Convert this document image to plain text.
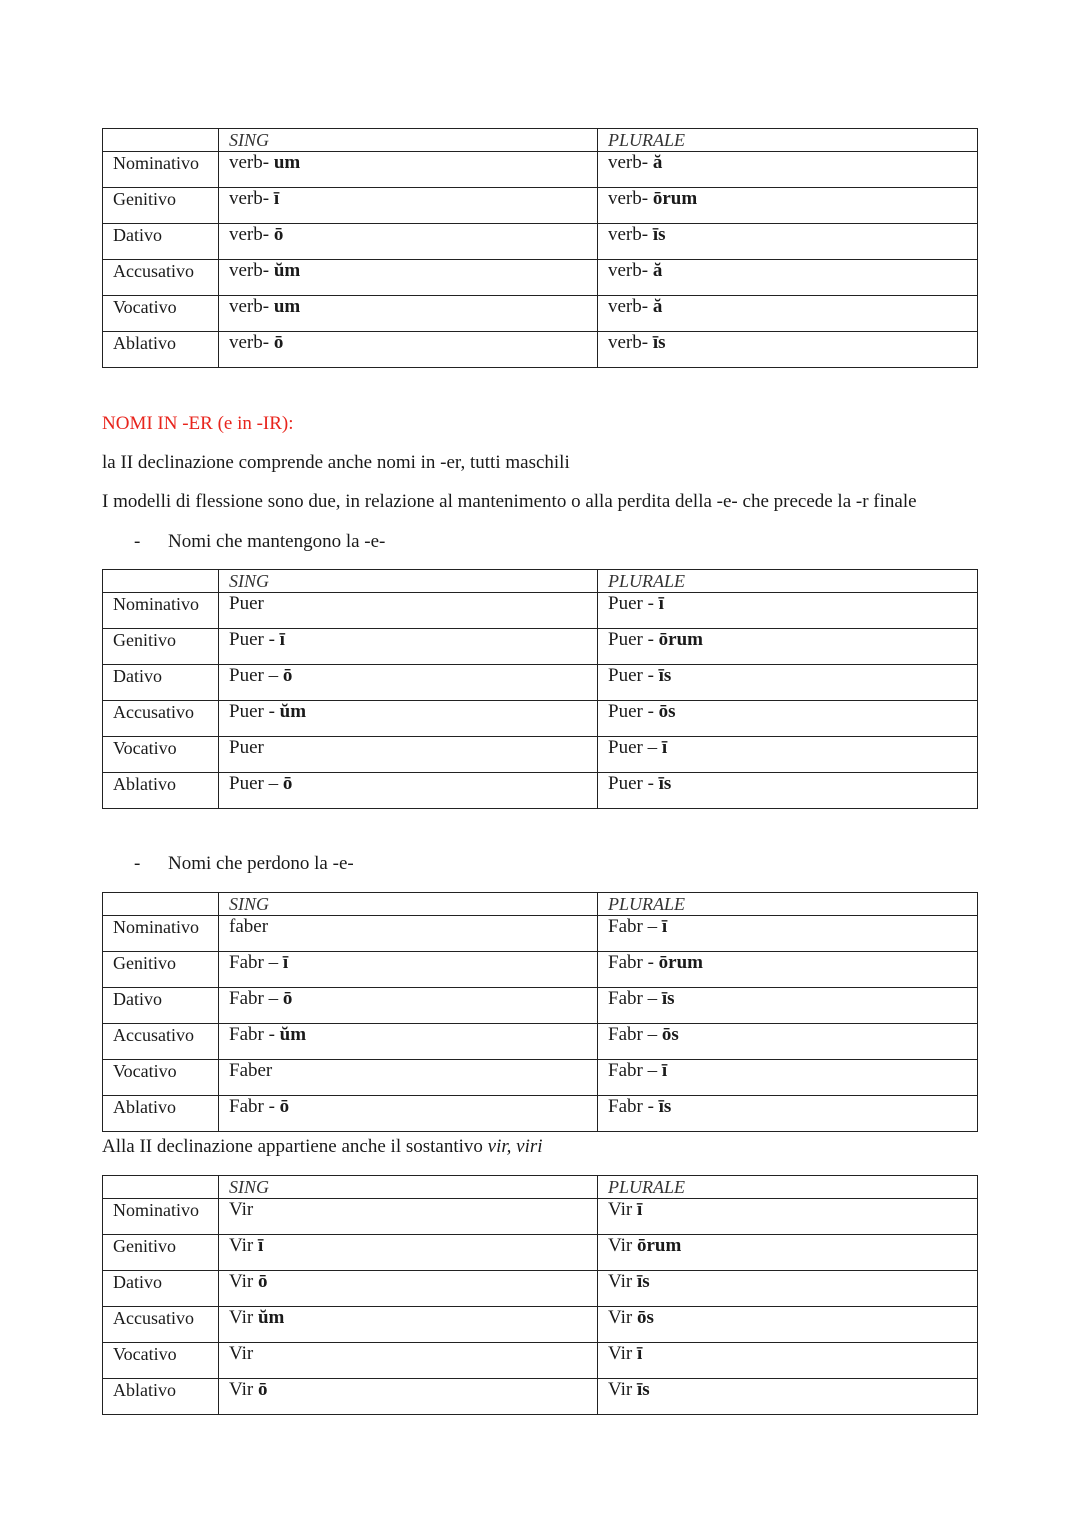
	SING	PLURALE
Nominativo	verb- um	verb- ă
Genitivo	verb- ī	verb- ōrum
Dativo	verb- ō	verb- īs
Accusativo	verb- ŭm	verb- ă
Vocativo	verb- um	verb- ă
Ablativo	verb- ō	verb- īs
NOMI IN -ER (e in -IR):
la II declinazione comprende anche nomi in -er, tutti maschili
I modelli di flessione sono due, in relazione al mantenimento o alla perdita della -e- che precede la -r finale
- Nomi che mantengono la -e-
	SING	PLURALE
Nominativo	Puer	Puer - ī
Genitivo	Puer - ī	Puer - ōrum
Dativo	Puer – ō	Puer - īs
Accusativo	Puer - ŭm	Puer - ōs
Vocativo	Puer	Puer – ī
Ablativo	Puer – ō	Puer - īs
- Nomi che perdono la -e-
	SING	PLURALE
Nominativo	faber	Fabr – ī
Genitivo	Fabr – ī	Fabr - ōrum
Dativo	Fabr – ō	Fabr – īs
Accusativo	Fabr - ŭm	Fabr – ōs
Vocativo	Faber	Fabr – ī
Ablativo	Fabr - ō	Fabr - īs
Alla II declinazione appartiene anche il sostantivo vir, viri
	SING	PLURALE
Nominativo	Vir	Vir ī
Genitivo	Vir ī	Vir ōrum
Dativo	Vir ō	Vir īs
Accusativo	Vir ŭm	Vir ōs
Vocativo	Vir	Vir ī
Ablativo	Vir ō	Vir īs
